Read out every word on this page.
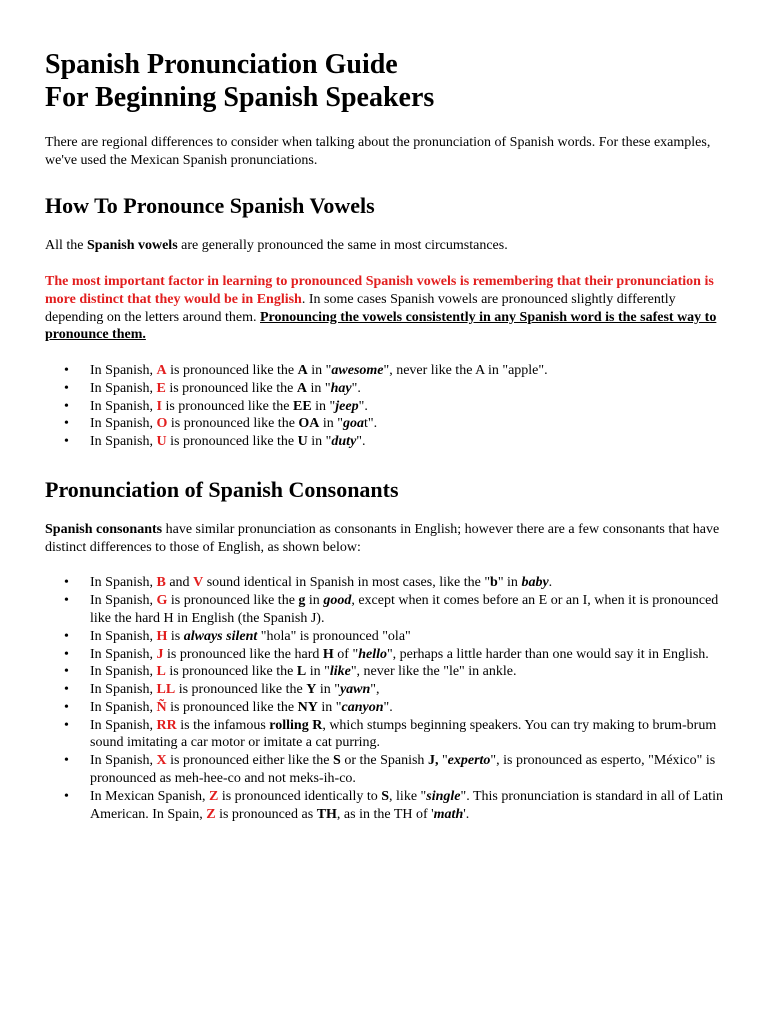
Spanish Pronunciation Guide
For Beginning Spanish Speakers

There are regional differences to consider when talking about the pronunciation of Spanish words. For these examples, we've used the Mexican Spanish pronunciations.

How To Pronounce Spanish Vowels

All the Spanish vowels are generally pronounced the same in most circumstances.

The most important factor in learning to pronounced Spanish vowels is remembering that their pronunciation is more distinct that they would be in English. In some cases Spanish vowels are pronounced slightly differently depending on the letters around them. Pronouncing the vowels consistently in any Spanish word is the safest way to pronounce them.

• In Spanish, A is pronounced like the A in "awesome", never like the A in "apple".
• In Spanish, E is pronounced like the A in "hay".
• In Spanish, I is pronounced like the EE in "jeep".
• In Spanish, O is pronounced like the OA in "goat".
• In Spanish, U is pronounced like the U in "duty".
Pronunciation of Spanish Consonants

Spanish consonants have similar pronunciation as consonants in English; however there are a few consonants that have distinct differences to those of English, as shown below:

• In Spanish, B and V sound identical in Spanish in most cases, like the "b" in baby.
• In Spanish, G is pronounced like the g in good, except when it comes before an E or an I, when it is pronounced like the hard H in English (the Spanish J).
• In Spanish, H is always silent "hola" is pronounced "ola"
• In Spanish, J is pronounced like the hard H of "hello", perhaps a little harder than one would say it in English.
• In Spanish, L is pronounced like the L in "like", never like the "le" in ankle.
• In Spanish, LL is pronounced like the Y in "yawn",
• In Spanish, Ñ is pronounced like the NY in "canyon".
• In Spanish, RR is the infamous rolling R, which stumps beginning speakers. You can try making to brum-brum sound imitating a car motor or imitate a cat purring.
• In Spanish, X is pronounced either like the S or the Spanish J, "experto", is pronounced as esperto, "México" is pronounced as meh-hee-co and not meks-ih-co.
• In Mexican Spanish, Z is pronounced identically to S, like "single". This pronunciation is standard in all of Latin American. In Spain, Z is pronounced as TH, as in the TH of 'math'.
